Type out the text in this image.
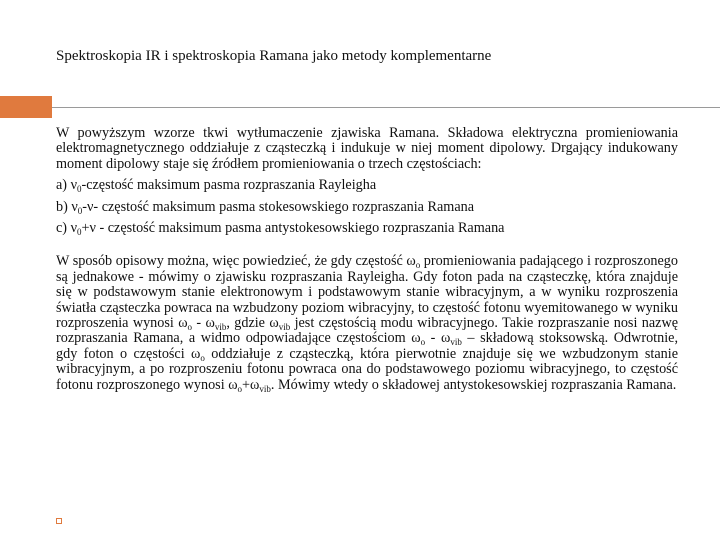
Spektroskopia IR i spektroskopia Ramana jako metody komplementarne

W powyższym wzorze tkwi wytłumaczenie zjawiska Ramana. Składowa elektryczna promieniowania elektromagnetycznego oddziałuje z cząsteczką i indukuje w niej moment dipolowy. Drgający indukowany moment dipolowy staje się źródłem promieniowania o trzech częstościach:

a) $\nu_0$-częstość maksimum pasma rozpraszania Rayleigha

b) $\nu_0-\nu-$ częstość maksimum pasma stokesowskiego rozpraszania Ramana

c) $\nu_0+\nu$ - częstość maksimum pasma antystokesowskiego rozpraszania Ramana

W sposób opisowy można, więc powiedzieć, że gdy częstość $\omega_o$ promieniowania padającego i rozproszonego są jednakowe - mówimy o zjawisku rozpraszania Rayleigha. Gdy foton pada na cząsteczkę, która znajduje się w podstawowym stanie elektronowym i podstawowym stanie wibracyjnym, a w wyniku rozproszenia światła cząsteczka powraca na wzbudzony poziom wibracyjny, to częstość fotonu wyemitowanego w wyniku rozproszenia wynosi $\omega_o - \omega_{vib}$, gdzie $\omega_{vib}$ jest częstością modu wibracyjnego. Takie rozpraszanie nosi nazwę rozpraszania Ramana, a widmo odpowiadające częstościom $\omega_o - \omega_{vib}$ – składową stoksowską. Odwrotnie, gdy foton o częstości $\omega_o$ oddziałuje z cząsteczką, która pierwotnie znajduje się we wzbudzonym stanie wibracyjnym, a po rozproszeniu fotonu powraca ona do podstawowego poziomu wibracyjnego, to częstość fotonu rozproszonego wynosi $\omega_o+\omega_{vib}$. Mówimy wtedy o składowej antystokesowskiej rozpraszania Ramana.
